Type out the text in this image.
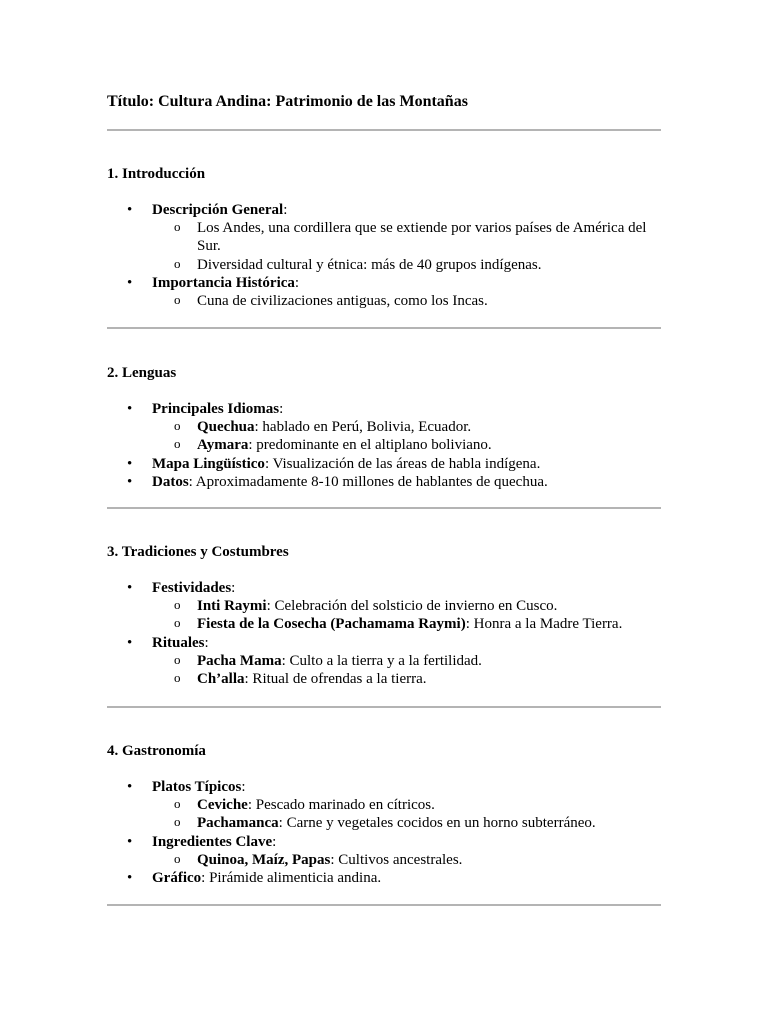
Título: Cultura Andina: Patrimonio de las Montañas
1. Introducción
• Descripción General:
o Los Andes, una cordillera que se extiende por varios países de América del Sur.
o Diversidad cultural y étnica: más de 40 grupos indígenas.
• Importancia Histórica:
o Cuna de civilizaciones antiguas, como los Incas.
2. Lenguas
• Principales Idiomas:
o Quechua: hablado en Perú, Bolivia, Ecuador.
o Aymara: predominante en el altiplano boliviano.
• Mapa Lingüístico: Visualización de las áreas de habla indígena.
• Datos: Aproximadamente 8-10 millones de hablantes de quechua.
3. Tradiciones y Costumbres
• Festividades:
o Inti Raymi: Celebración del solsticio de invierno en Cusco.
o Fiesta de la Cosecha (Pachamama Raymi): Honra a la Madre Tierra.
• Rituales:
o Pacha Mama: Culto a la tierra y a la fertilidad.
o Ch’alla: Ritual de ofrendas a la tierra.
4. Gastronomía
• Platos Típicos:
o Ceviche: Pescado marinado en cítricos.
o Pachamanca: Carne y vegetales cocidos en un horno subterráneo.
• Ingredientes Clave:
o Quinoa, Maíz, Papas: Cultivos ancestrales.
• Gráfico: Pirámide alimenticia andina.
